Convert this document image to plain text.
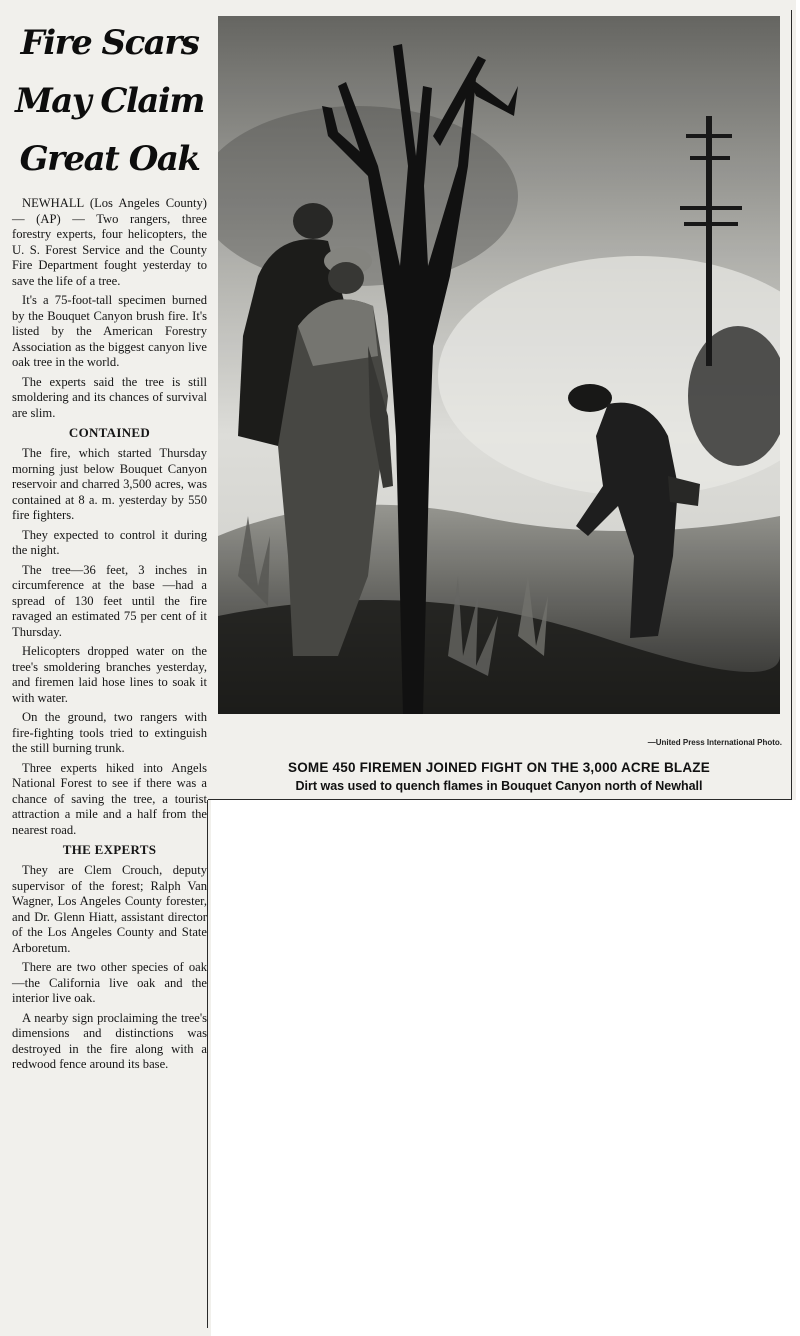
Fire Scars
May Claim
Great Oak

NEWHALL (Los Angeles County) — (AP) — Two rangers, three forestry experts, four helicopters, the U. S. Forest Service and the County Fire Department fought yesterday to save the life of a tree.

It's a 75-foot-tall specimen burned by the Bouquet Canyon brush fire. It's listed by the American Forestry Association as the biggest canyon live oak tree in the world.

The experts said the tree is still smoldering and its chances of survival are slim.

CONTAINED

The fire, which started Thursday morning just below Bouquet Canyon reservoir and charred 3,500 acres, was contained at 8 a. m. yesterday by 550 fire fighters.

They expected to control it during the night.

The tree—36 feet, 3 inches in circumference at the base —had a spread of 130 feet until the fire ravaged an estimated 75 per cent of it Thursday.

Helicopters dropped water on the tree's smoldering branches yesterday, and firemen laid hose lines to soak it with water.

On the ground, two rangers with fire-fighting tools tried to extinguish the still burning trunk.

Three experts hiked into Angels National Forest to see if there was a chance of saving the tree, a tourist attraction a mile and a half from the nearest road.

THE EXPERTS

They are Clem Crouch, deputy supervisor of the forest; Ralph Van Wagner, Los Angeles County forester, and Dr. Glenn Hiatt, assistant director of the Los Angeles County and State Arboretum.

There are two other species of oak—the California live oak and the interior live oak.

A nearby sign proclaiming the tree's dimensions and distinctions was destroyed in the fire along with a redwood fence around its base.

—United Press International Photo.
SOME 450 FIREMEN JOINED FIGHT ON THE 3,000 ACRE BLAZE
Dirt was used to quench flames in Bouquet Canyon north of Newhall
